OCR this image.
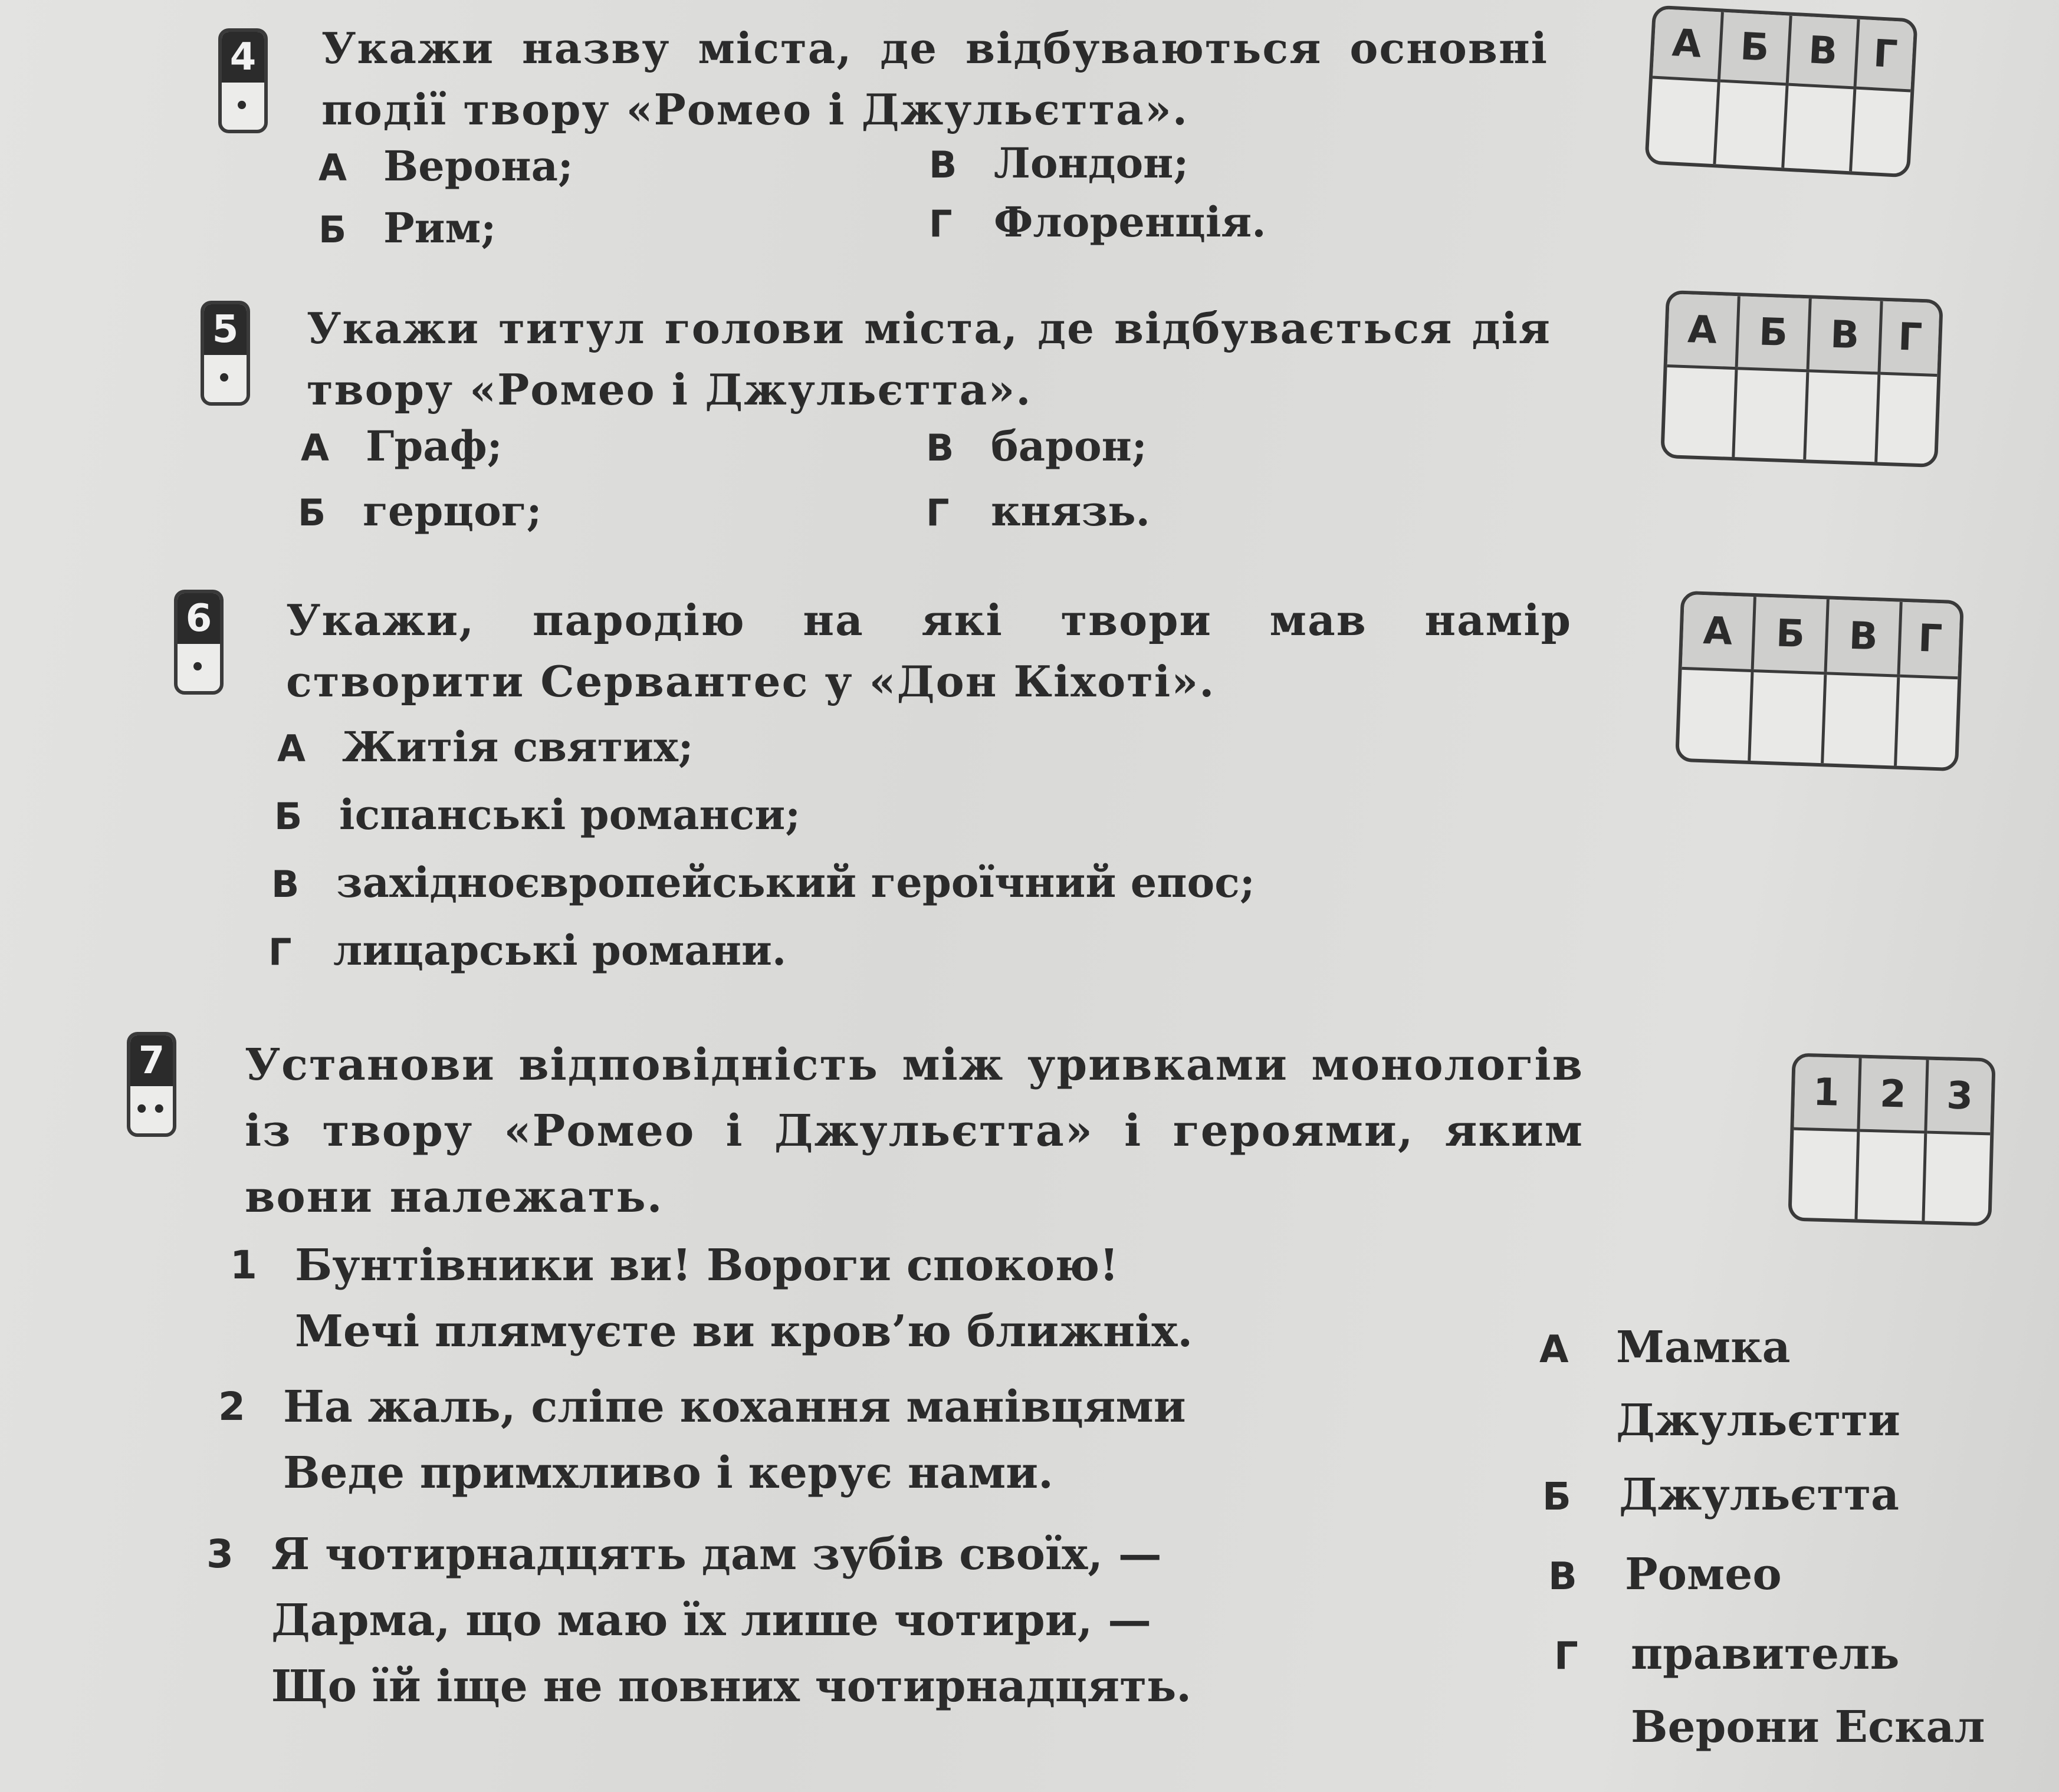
4
•
Укажи назву міста, де відбуваються основні події твору «Ромео і Джульєтта».
А Верона;
Б Рим;
В Лондон;
Г Флоренція.
А	Б	В	Г

5
•
Укажи титул голови міста, де відбувається дія твору «Ромео і Джульєтта».
А Граф;
Б герцог;
В барон;
Г князь.
А	Б	В	Г

6
•
Укажи, пародію на які твори мав намір створити Сервантес у «Дон Кіхоті».
А Житія святих;
Б іспанські романси;
В західноєвропейський героїчний епос;
Г лицарські романи.
А	Б	В	Г

7
••
Установи відповідність між уривками монологів із твору «Ромео і Джульєтта» і героями, яким вони належать.
1	2	3

1 Бунтівники ви! Вороги спокою!
Мечі плямуєте ви кров’ю ближніх.
2 На жаль, сліпе кохання манівцями
Веде примхливо і керує нами.
3 Я чотирнадцять дам зубів своїх, —
Дарма, що маю їх лише чотири, —
Що їй іще не повних чотирнадцять.
А Мамка
Джульєтти
Б Джульєтта
В Ромео
Г правитель
Верони Ескал
